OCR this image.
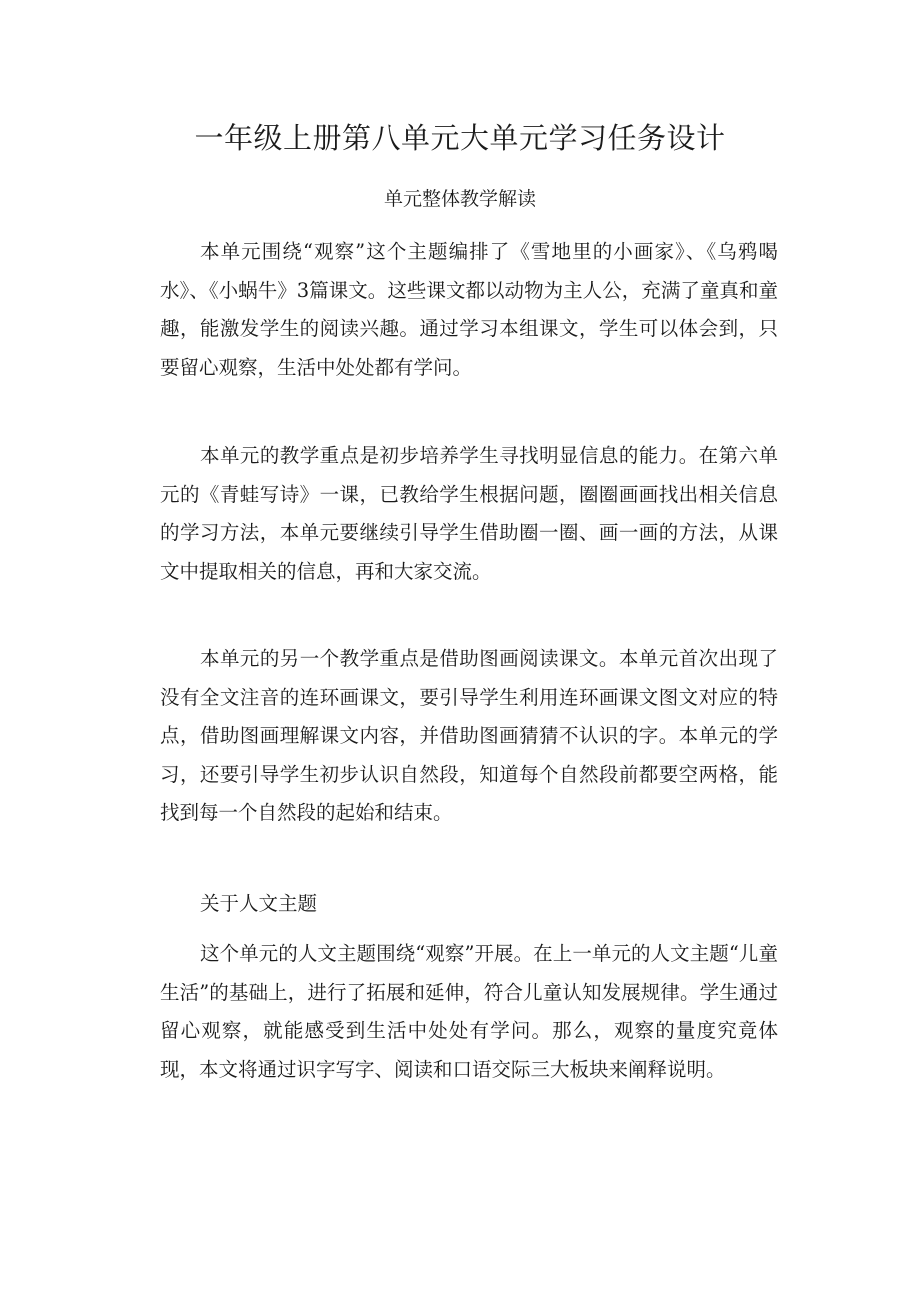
一年级上册第八单元大单元学习任务设计
单元整体教学解读

本单元围绕“观察”这个主题编排了《雪地里的小画家》、《乌鸦喝水》、《小蜗牛》3篇课文。这些课文都以动物为主人公，充满了童真和童趣，能激发学生的阅读兴趣。通过学习本组课文，学生可以体会到，只要留心观察，生活中处处都有学问。

本单元的教学重点是初步培养学生寻找明显信息的能力。在第六单元的《青蛙写诗》一课，已教给学生根据问题，圈圈画画找出相关信息的学习方法，本单元要继续引导学生借助圈一圈、画一画的方法，从课文中提取相关的信息，再和大家交流。

本单元的另一个教学重点是借助图画阅读课文。本单元首次出现了没有全文注音的连环画课文，要引导学生利用连环画课文图文对应的特点，借助图画理解课文内容，并借助图画猜猜不认识的字。本单元的学习，还要引导学生初步认识自然段，知道每个自然段前都要空两格，能找到每一个自然段的起始和结束。

关于人文主题

这个单元的人文主题围绕“观察”开展。在上一单元的人文主题“儿童生活”的基础上，进行了拓展和延伸，符合儿童认知发展规律。学生通过留心观察，就能感受到生活中处处有学问。那么，观察的量度究竟体现，本文将通过识字写字、阅读和口语交际三大板块来阐释说明。
